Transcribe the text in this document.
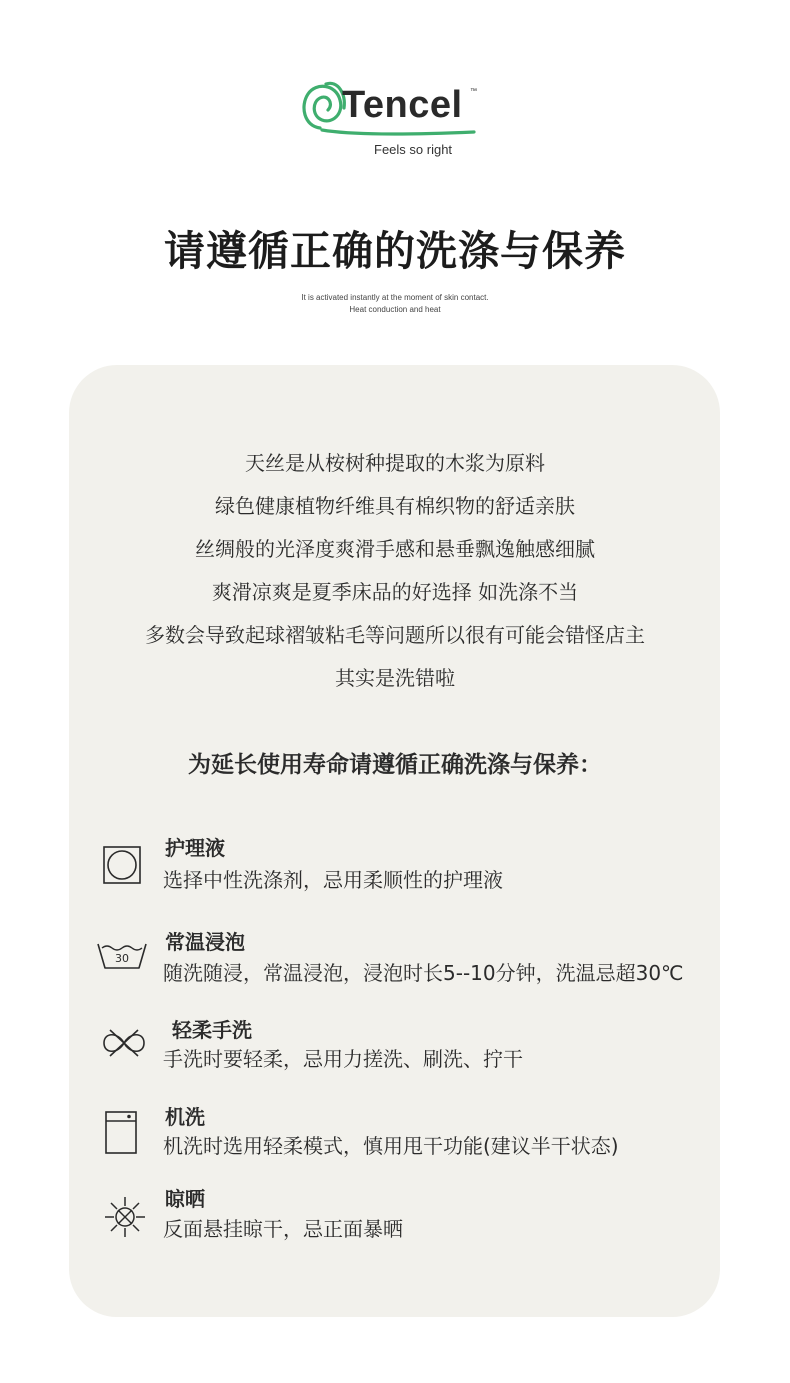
Tencel ™
Feels so right
请遵循正确的洗涤与保养
It is activated instantly at the moment of skin contact.
Heat conduction and heat
天丝是从桉树种提取的木浆为原料
绿色健康植物纤维具有棉织物的舒适亲肤
丝绸般的光泽度爽滑手感和悬垂飘逸触感细腻
爽滑凉爽是夏季床品的好选择 如洗涤不当
多数会导致起球褶皱粘毛等问题所以很有可能会错怪店主
其实是洗错啦
为延长使用寿命请遵循正确洗涤与保养：
护理液
选择中性洗涤剂，忌用柔顺性的护理液
30
常温浸泡
随洗随浸，常温浸泡，浸泡时长5--10分钟，洗温忌超30℃
轻柔手洗
手洗时要轻柔，忌用力搓洗、刷洗、拧干
机洗
机洗时选用轻柔模式，慎用甩干功能(建议半干状态)
晾晒
反面悬挂晾干，忌正面暴晒
